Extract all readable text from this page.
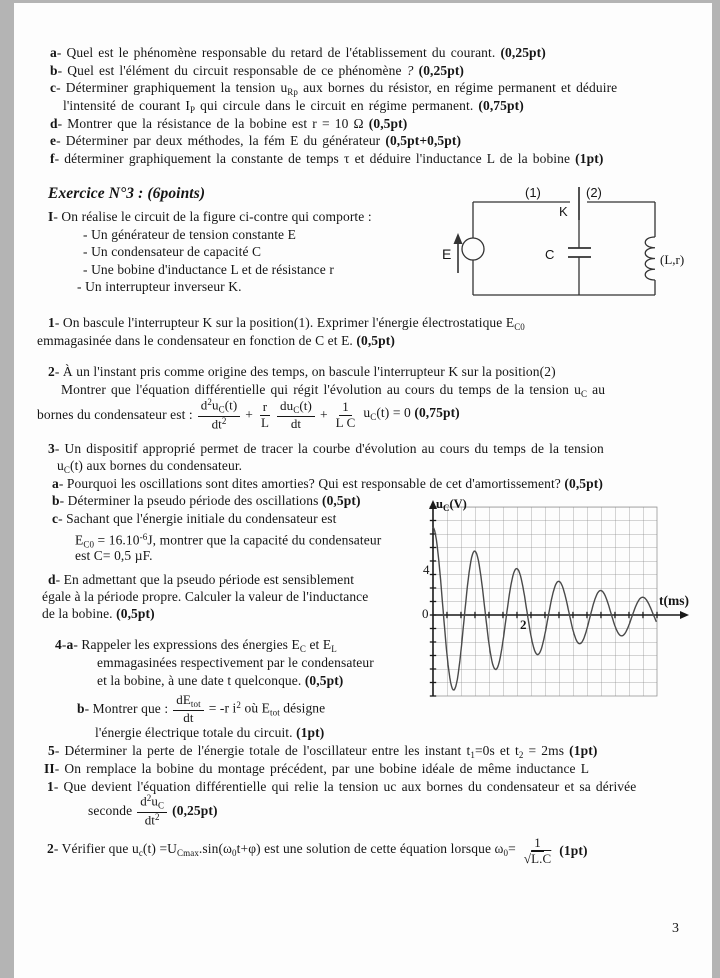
a- Quel est le phénomène responsable du retard de l'établissement du courant. (0,25pt)
b- Quel est l'élément du circuit responsable de ce phénomène ? (0,25pt)
c- Déterminer graphiquement la tension $u_{Rp}$ aux bornes du résistor, en régime permanent et déduire
l'intensité de courant $I_P$ qui circule dans le circuit en régime permanent. (0,75pt)
d- Montrer que la résistance de la bobine est r = 10 Ω (0,5pt)
e- Déterminer par deux méthodes, la fém E du générateur (0,5pt+0,5pt)
f- déterminer graphiquement la constante de temps τ et déduire l'inductance L de la bobine (1pt)
Exercice N°3 : (6points)
I- On réalise le circuit de la figure ci-contre qui comporte :
- Un générateur de tension constante E
- Un condensateur de capacité C
- Une bobine d'inductance L et de résistance r
- Un interrupteur inverseur K.
(1)	(2)
K
C
E	(L,r)
1- On bascule l'interrupteur K sur la position(1). Exprimer l'énergie électrostatique $E_{C0}$
emmagasinée dans le condensateur en fonction de C et E. (0,5pt)
2- À un l'instant pris comme origine des temps, on bascule l'interrupteur K sur la position(2)
Montrer que l'équation différentielle qui régit l'évolution au cours du temps de la tension $u_C$ au
bornes du condensateur est : $\frac{d^2u_C(t)}{dt^2} + \frac{r}{L} \frac{du_C(t)}{dt} + \frac{1}{\text{L C}} u_C(t) = 0$ (0,75pt)
3- Un dispositif approprié permet de tracer la courbe d'évolution au cours du temps de la tension
$u_C(t)$ aux bornes du condensateur.
a- Pourquoi les oscillations sont dites amorties? Qui est responsable de cet d'amortissement? (0,5pt)
b- Déterminer la pseudo période des oscillations (0,5pt)
c- Sachant que l'énergie initiale du condensateur est
$E_{C0} = 16.10^{-6}J$, montrer que la capacité du condensateur
est C= 0,5 µF.
d- En admettant que la pseudo période est sensiblement
égale à la période propre. Calculer la valeur de l'inductance
de la bobine. (0,5pt)
$u_C(V)$
4
0
2
t(ms)
4-a- Rappeler les expressions des énergies $E_C$ et $E_L$
emmagasinées respectivement par le condensateur
et la bobine, à une date t quelconque. (0,5pt)
b- Montrer que : $\frac{dE_{tot}}{dt} = -r$ $i^2$ où $E_{tot}$ désigne
l'énergie électrique totale du circuit. (1pt)
5- Déterminer la perte de l'énergie totale de l'oscillateur entre les instant $t_1=0s$ et $t_2 = 2ms$ (1pt)
II- On remplace la bobine du montage précédent, par une bobine idéale de même inductance L
1- Que devient l'équation différentielle qui relie la tension uc aux bornes du condensateur et sa dérivée
seconde $\frac{d^2u_C}{dt^2} (0,25pt)$
2- Vérifier que $u_c(t) =U_{Cmax}.\sin(\omega_0t+\varphi)$ est une solution de cette équation lorsque $\omega_0= \frac{1}{√L.C} (1pt)$
3
